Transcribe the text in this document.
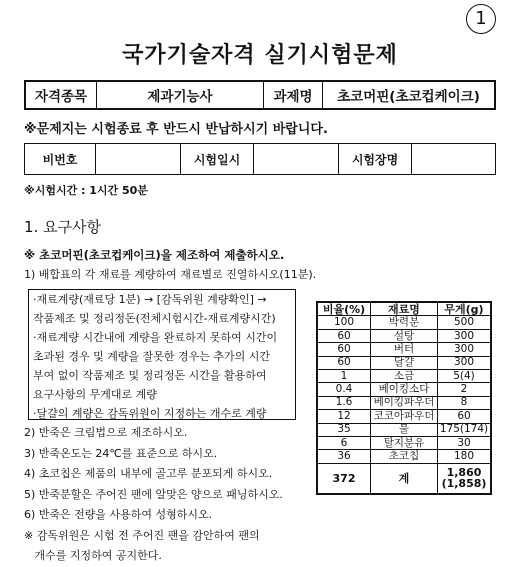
1
국가기술자격 실기시험문제
자격종목	제과기능사	과제명	초코머핀(초코컵케이크)
※문제지는 시험종료 후 반드시 반납하시기 바랍니다.
비번호		시험일시		시험장명	
※시험시간 : 1시간 50분
1. 요구사항
※ 초코머핀(초코컵케이크)을 제조하여 제출하시오.
1) 배합표의 각 재료를 계량하여 재료별로 진열하시오(11분).

·재료계량(재료당 1분) → [감독위원 계량확인] →

작품제조 및 정리정돈(전체시험시간-재료계량시간)

·재료계량 시간내에 계량을 완료하지 못하여 시간이

초과된 경우 및 계량을 잘못한 경우는 추가의 시간

부여 없이 작품제조 및 정리정돈 시간을 활용하여

요구사항의 무게대로 계량

·달걀의 계량은 감독위원이 지정하는 개수로 계량

2) 반죽은 크림법으로 제조하시오.
3) 반죽온도는 24℃를 표준으로 하시오.
4) 초코칩은 제품의 내부에 골고루 분포되게 하시오.
5) 반죽분할은 주어진 팬에 알맞은 양으로 패닝하시오.
6) 반죽은 전량을 사용하여 성형하시오.
※ 감독위원은 시험 전 주어진 팬을 감안하여 팬의
개수를 지정하여 공지한다.
비율(%)	재료명	무게(g)
100	박력분	500
60	설탕	300
60	버터	300
60	달걀	300
1	소금	5(4)
0.4	베이킹소다	2
1.6	베이킹파우더	8
12	코코아파우더	60
35	물	175(174)
6	탈지분유	30
36	초코칩	180
372	계	1,860
(1,858)
